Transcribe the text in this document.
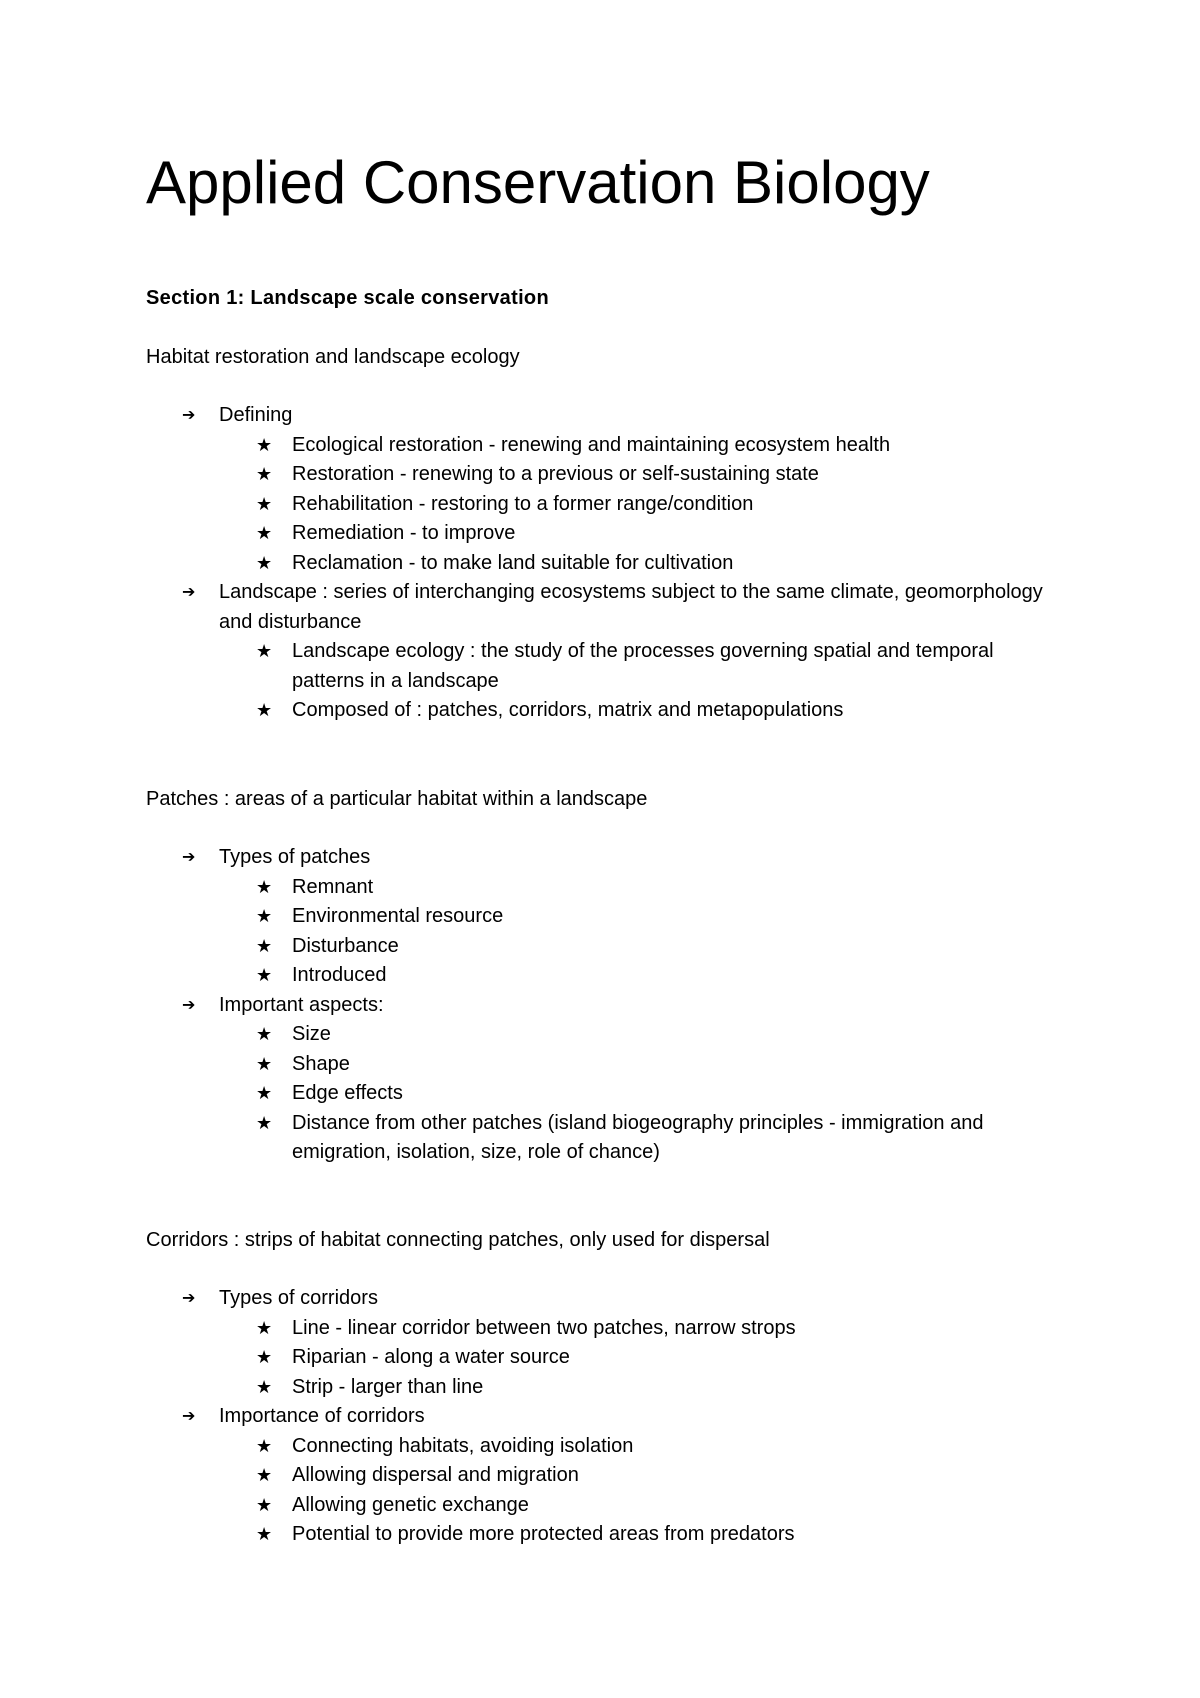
Applied Conservation Biology
Section 1: Landscape scale conservation

Habitat restoration and landscape ecology

➔ Defining
★ Ecological restoration - renewing and maintaining ecosystem health
★ Restoration - renewing to a previous or self-sustaining state
★ Rehabilitation - restoring to a former range/condition
★ Remediation - to improve
★ Reclamation - to make land suitable for cultivation
➔ Landscape : series of interchanging ecosystems subject to the same climate, geomorphology and disturbance
★ Landscape ecology : the study of the processes governing spatial and temporal patterns in a landscape
★ Composed of : patches, corridors, matrix and metapopulations

Patches : areas of a particular habitat within a landscape

➔ Types of patches
★ Remnant
★ Environmental resource
★ Disturbance
★ Introduced
➔ Important aspects:
★ Size
★ Shape
★ Edge effects
★ Distance from other patches (island biogeography principles - immigration and emigration, isolation, size, role of chance)

Corridors : strips of habitat connecting patches, only used for dispersal

➔ Types of corridors
★ Line - linear corridor between two patches, narrow strops
★ Riparian - along a water source
★ Strip - larger than line
➔ Importance of corridors
★ Connecting habitats, avoiding isolation
★ Allowing dispersal and migration
★ Allowing genetic exchange
★ Potential to provide more protected areas from predators
